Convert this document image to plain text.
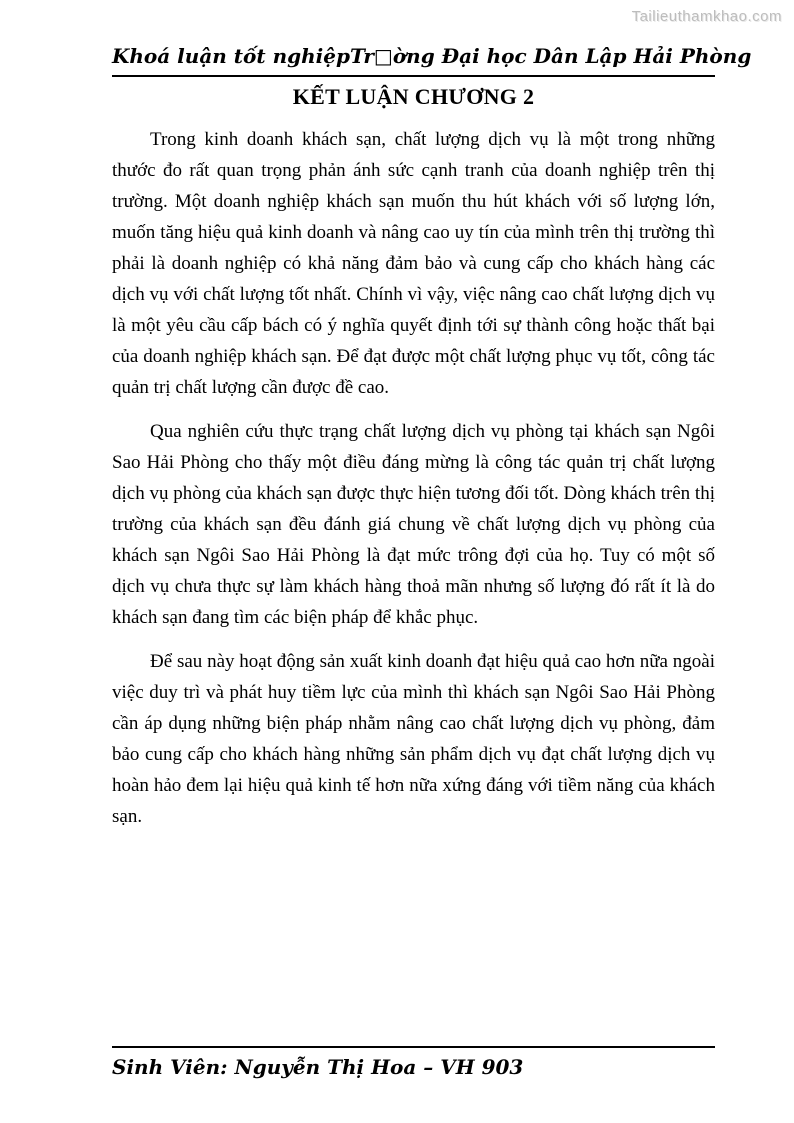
Tailieuthamkhao.com
Khoá luận tốt nghiệp Tr□ờng Đại học Dân Lập Hải Phòng
KẾT LUẬN CHƯƠNG 2

Trong kinh doanh khách sạn, chất lượng dịch vụ là một trong những thước đo rất quan trọng phản ánh sức cạnh tranh của doanh nghiệp trên thị trường. Một doanh nghiệp khách sạn muốn thu hút khách với số lượng lớn, muốn tăng hiệu quả kinh doanh và nâng cao uy tín của mình trên thị trường thì phải là doanh nghiệp có khả năng đảm bảo và cung cấp cho khách hàng các dịch vụ với chất lượng tốt nhất. Chính vì vậy, việc nâng cao chất lượng dịch vụ là một yêu cầu cấp bách có ý nghĩa quyết định tới sự thành công hoặc thất bại của doanh nghiệp khách sạn. Để đạt được một chất lượng phục vụ tốt, công tác quản trị chất lượng cần được đề cao.

Qua nghiên cứu thực trạng chất lượng dịch vụ phòng tại khách sạn Ngôi Sao Hải Phòng cho thấy một điều đáng mừng là công tác quản trị chất lượng dịch vụ phòng của khách sạn được thực hiện tương đối tốt. Dòng khách trên thị trường của khách sạn đều đánh giá chung về chất lượng dịch vụ phòng của khách sạn Ngôi Sao Hải Phòng là đạt mức trông đợi của họ. Tuy có một số dịch vụ chưa thực sự làm khách hàng thoả mãn nhưng số lượng đó rất ít là do khách sạn đang tìm các biện pháp để khắc phục.

Để sau này hoạt động sản xuất kinh doanh đạt hiệu quả cao hơn nữa ngoài việc duy trì và phát huy tiềm lực của mình thì khách sạn Ngôi Sao Hải Phòng cần áp dụng những biện pháp nhằm nâng cao chất lượng dịch vụ phòng, đảm bảo cung cấp cho khách hàng những sản phẩm dịch vụ đạt chất lượng dịch vụ hoàn hảo đem lại hiệu quả kinh tế hơn nữa xứng đáng với tiềm năng của khách sạn.

Sinh Viên: Nguyễn Thị Hoa – VH 903
